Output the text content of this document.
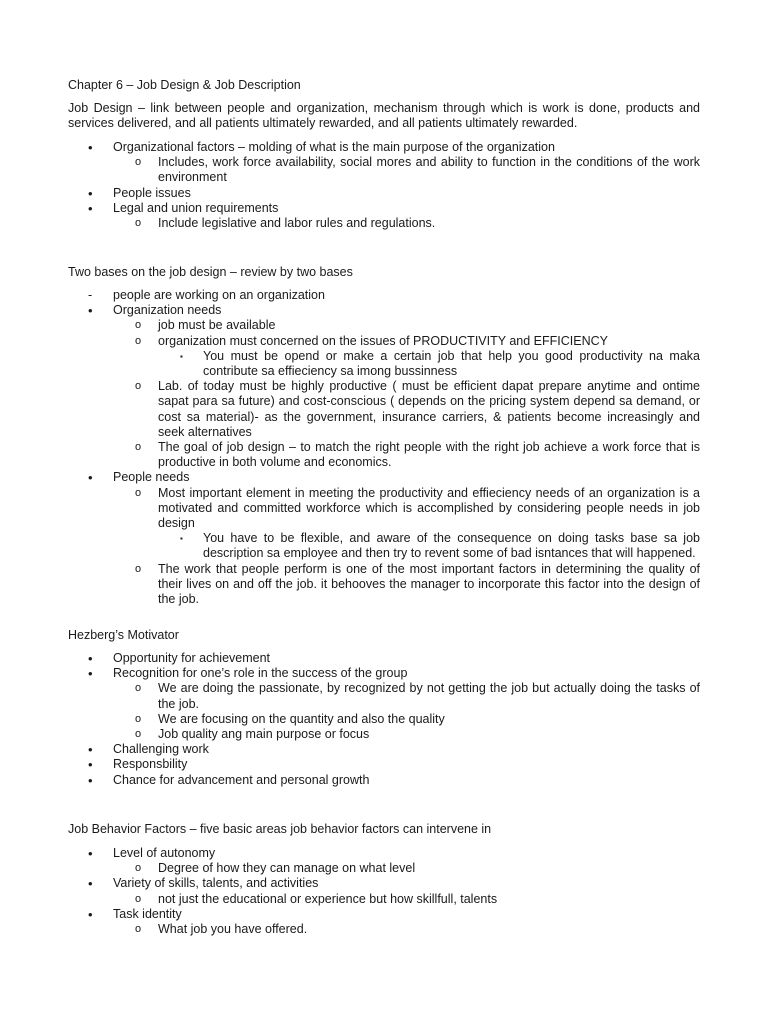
Chapter 6 – Job Design & Job Description
Job Design – link between people and organization, mechanism through which is work is done, products and services delivered, and all patients ultimately rewarded, and all patients ultimately rewarded.
• Organizational factors – molding of what is the main purpose of the organization
o Includes, work force availability, social mores and ability to function in the conditions of the work environment
• People issues
• Legal and union requirements
o Include legislative and labor rules and regulations.
Two bases on the job design – review by two bases
- people are working on an organization
• Organization needs
o job must be available
o organization must concerned on the issues of PRODUCTIVITY and EFFICIENCY
▪ You must be opend or make a certain job that help you good productivity na maka contribute sa effieciency sa imong bussinness
o Lab. of today must be highly productive ( must be efficient dapat prepare anytime and ontime sapat para sa future) and cost-conscious ( depends on the pricing system depend sa demand, or cost sa material)- as the government, insurance carriers, & patients become increasingly and seek alternatives
o The goal of job design – to match the right people with the right job achieve a work force that is productive in both volume and economics.
• People needs
o Most important element in meeting the productivity and effieciency needs of an organization is a motivated and committed workforce which is accomplished by considering people needs in job design
▪ You have to be flexible, and aware of the consequence on doing tasks base sa job description sa employee and then try to revent some of bad isntances that will happened.
o The work that people perform is one of the most important factors in determining the quality of their lives on and off the job. it behooves the manager to incorporate this factor into the design of the job.
Hezberg’s Motivator
• Opportunity for achievement
• Recognition for one’s role in the success of the group
o We are doing the passionate, by recognized by not getting the job but actually doing the tasks of the job.
o We are focusing on the quantity and also the quality
o Job quality ang main purpose or focus
• Challenging work
• Responsbility
• Chance for advancement and personal growth
Job Behavior Factors – five basic areas job behavior factors can intervene in
• Level of autonomy
o Degree of how they can manage on what level
• Variety of skills, talents, and activities
o not just the educational or experience but how skillfull, talents
• Task identity
o What job you have offered.
